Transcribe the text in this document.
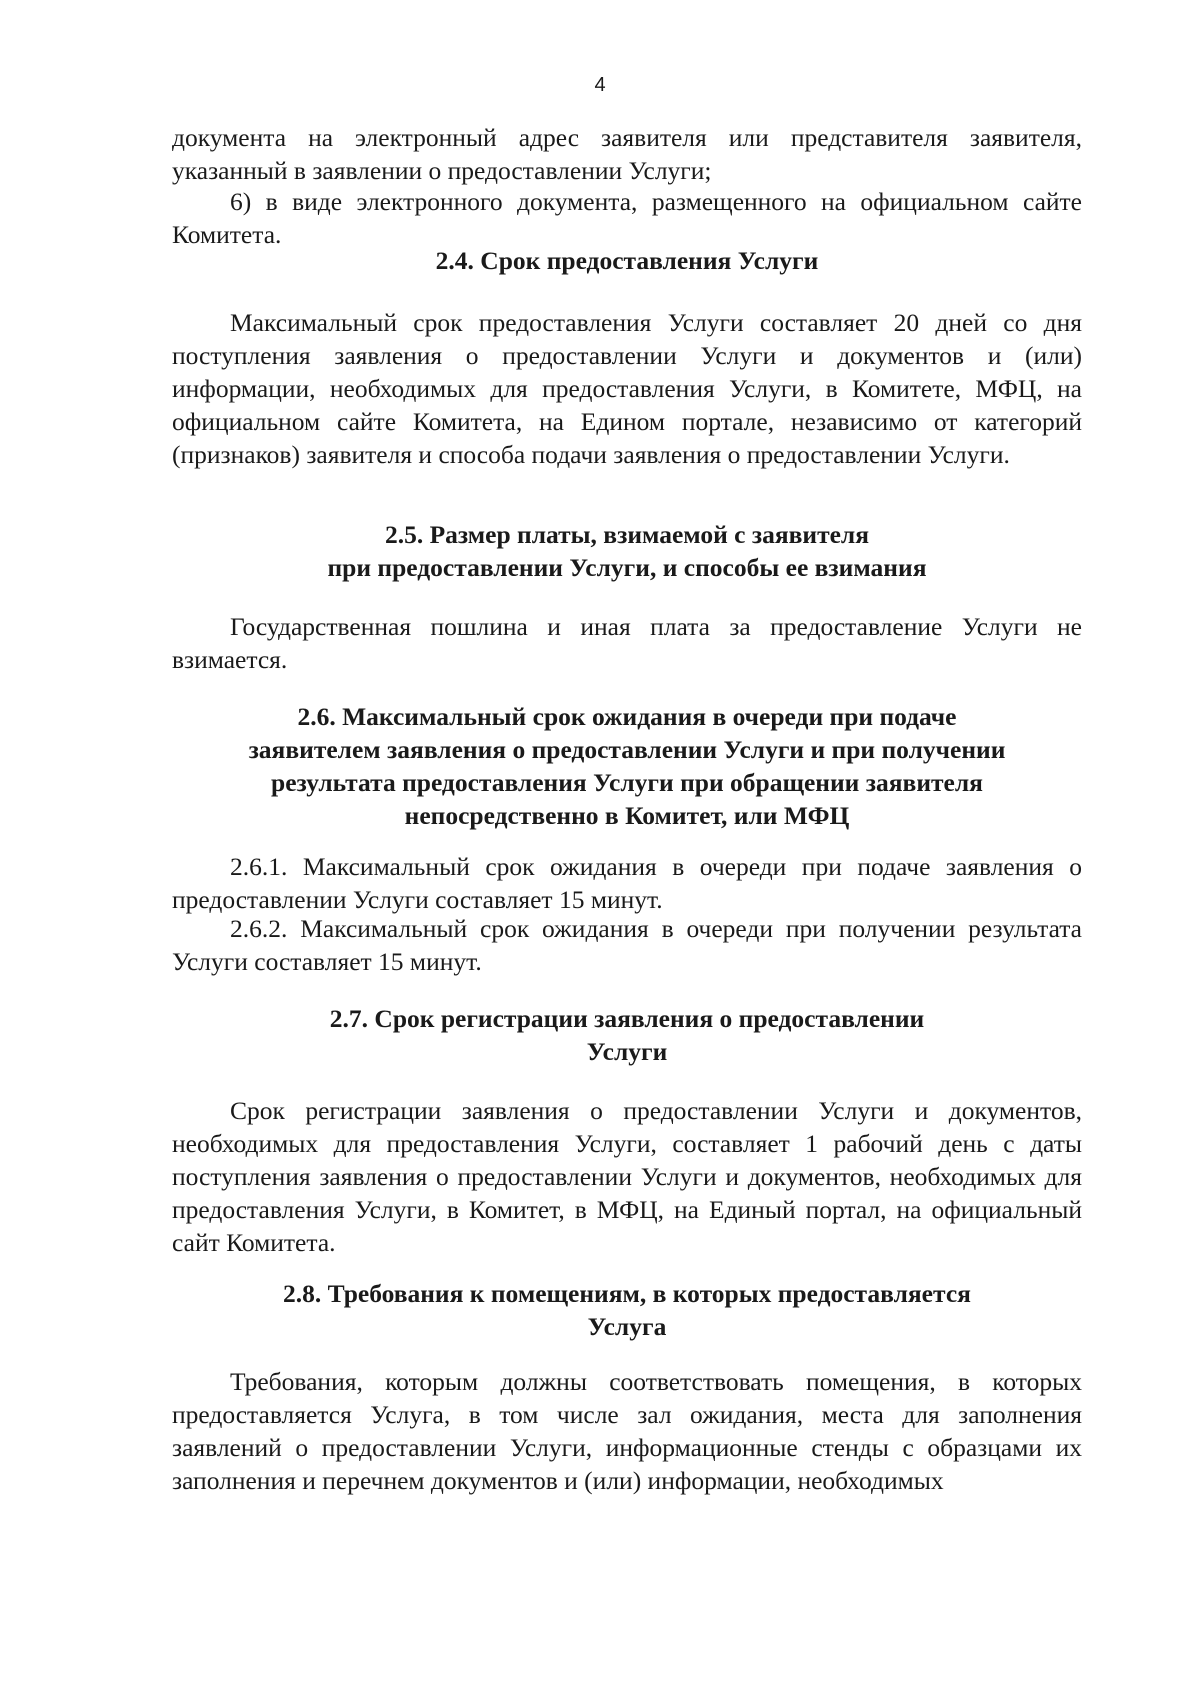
4

документа на электронный адрес заявителя или представителя заявителя, указанный в заявлении о предоставлении Услуги;

6) в виде электронного документа, размещенного на официальном сайте Комитета.

2.4. Срок предоставления Услуги

Максимальный срок предоставления Услуги составляет 20 дней со дня поступления заявления о предоставлении Услуги и документов и (или) информации, необходимых для предоставления Услуги, в Комитете, МФЦ, на официальном сайте Комитета, на Едином портале, независимо от категорий (признаков) заявителя и способа подачи заявления о предоставлении Услуги.

2.5. Размер платы, взимаемой с заявителя
при предоставлении Услуги, и способы ее взимания

Государственная пошлина и иная плата за предоставление Услуги не взимается.

2.6. Максимальный срок ожидания в очереди при подаче
заявителем заявления о предоставлении Услуги и при получении
результата предоставления Услуги при обращении заявителя
непосредственно в Комитет, или МФЦ

2.6.1. Максимальный срок ожидания в очереди при подаче заявления о предоставлении Услуги составляет 15 минут.

2.6.2. Максимальный срок ожидания в очереди при получении результата Услуги составляет 15 минут.

2.7. Срок регистрации заявления о предоставлении
Услуги

Срок регистрации заявления о предоставлении Услуги и документов, необходимых для предоставления Услуги, составляет 1 рабочий день с даты поступления заявления о предоставлении Услуги и документов, необходимых для предоставления Услуги, в Комитет, в МФЦ, на Единый портал, на официальный сайт Комитета.

2.8. Требования к помещениям, в которых предоставляется
Услуга

Требования, которым должны соответствовать помещения, в которых предоставляется Услуга, в том числе зал ожидания, места для заполнения заявлений о предоставлении Услуги, информационные стенды с образцами их заполнения и перечнем документов и (или) информации, необходимых
